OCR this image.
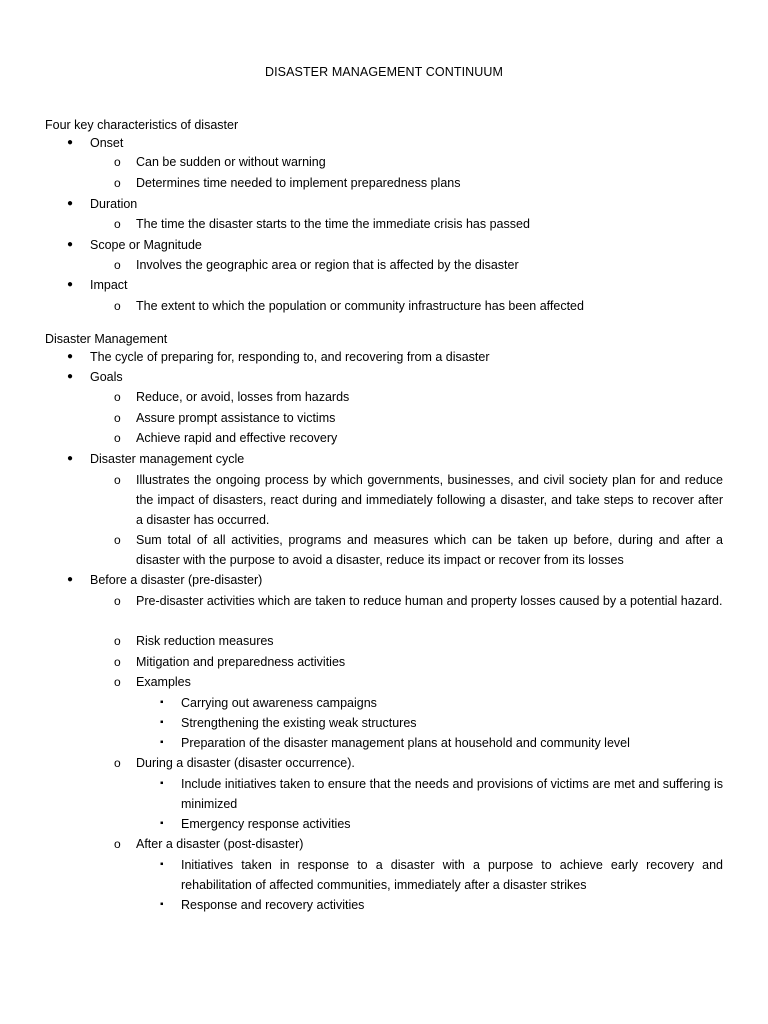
DISASTER MANAGEMENT CONTINUUM
Four key characteristics of disaster
● Onset
o Can be sudden or without warning
o Determines time needed to implement preparedness plans
● Duration
o The time the disaster starts to the time the immediate crisis has passed
● Scope or Magnitude
o Involves the geographic area or region that is affected by the disaster
● Impact
o The extent to which the population or community infrastructure has been affected
Disaster Management
● The cycle of preparing for, responding to, and recovering from a disaster
● Goals
o Reduce, or avoid, losses from hazards
o Assure prompt assistance to victims
o Achieve rapid and effective recovery
● Disaster management cycle
o Illustrates the ongoing process by which governments, businesses, and civil society plan for and reduce the impact of disasters, react during and immediately following a disaster, and take steps to recover after a disaster has occurred.
o Sum total of all activities, programs and measures which can be taken up before, during and after a disaster with the purpose to avoid a disaster, reduce its impact or recover from its losses
● Before a disaster (pre-disaster)
o Pre-disaster activities which are taken to reduce human and property losses caused by a potential hazard.
o Risk reduction measures
o Mitigation and preparedness activities
o Examples
▪ Carrying out awareness campaigns
▪ Strengthening the existing weak structures
▪ Preparation of the disaster management plans at household and community level
o During a disaster (disaster occurrence).
▪ Include initiatives taken to ensure that the needs and provisions of victims are met and suffering is minimized
▪ Emergency response activities
o After a disaster (post-disaster)
▪ Initiatives taken in response to a disaster with a purpose to achieve early recovery and rehabilitation of affected communities, immediately after a disaster strikes
▪ Response and recovery activities
